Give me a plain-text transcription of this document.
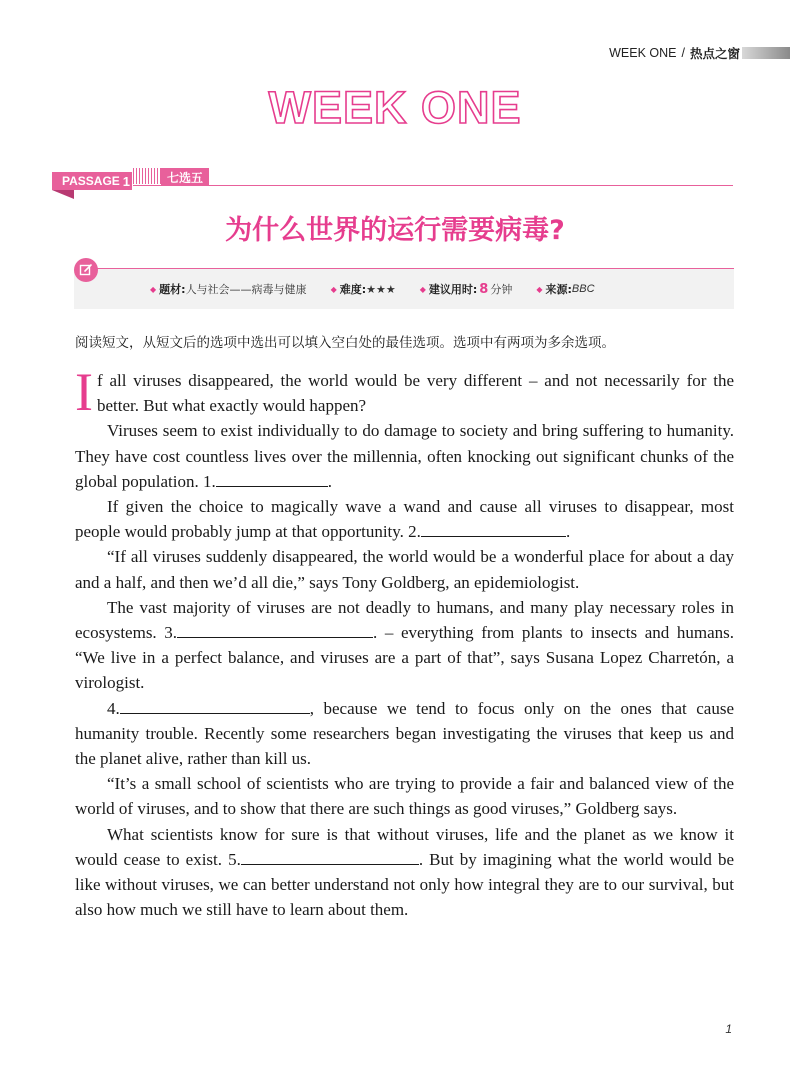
WEEK ONE / 热点之窗
WEEK ONE
PASSAGE 1	七选五
为什么世界的运行需要病毒?
◆ 题材: 人与社会——病毒与健康	◆ 难度: ★★★	◆ 建议用时: 8 分钟	◆ 来源: BBC
阅读短文，从短文后的选项中选出可以填入空白处的最佳选项。选项中有两项为多余选项。

If all viruses disappeared, the world would be very different – and not necessarily for the better. But what exactly would happen?

Viruses seem to exist individually to do damage to society and bring suffering to humanity. They have cost countless lives over the millennia, often knocking out significant chunks of the global population. 1.	.

If given the choice to magically wave a wand and cause all viruses to disappear, most people would probably jump at that opportunity. 2.	.

“If all viruses suddenly disappeared, the world would be a wonderful place for about a day and a half, and then we’d all die,” says Tony Goldberg, an epidemiologist.

The vast majority of viruses are not deadly to humans, and many play necessary roles in ecosystems. 3.	. – everything from plants to insects and humans. “We live in a perfect balance, and viruses are a part of that”, says Susana Lopez Charretón, a virologist.

4.	, because we tend to focus only on the ones that cause humanity trouble. Recently some researchers began investigating the viruses that keep us and the planet alive, rather than kill us.

“It’s a small school of scientists who are trying to provide a fair and balanced view of the world of viruses, and to show that there are such things as good viruses,” Goldberg says.

What scientists know for sure is that without viruses, life and the planet as we know it would cease to exist. 5.	. But by imagining what the world would be like without viruses, we can better understand not only how integral they are to our survival, but also how much we still have to learn about them.

1
